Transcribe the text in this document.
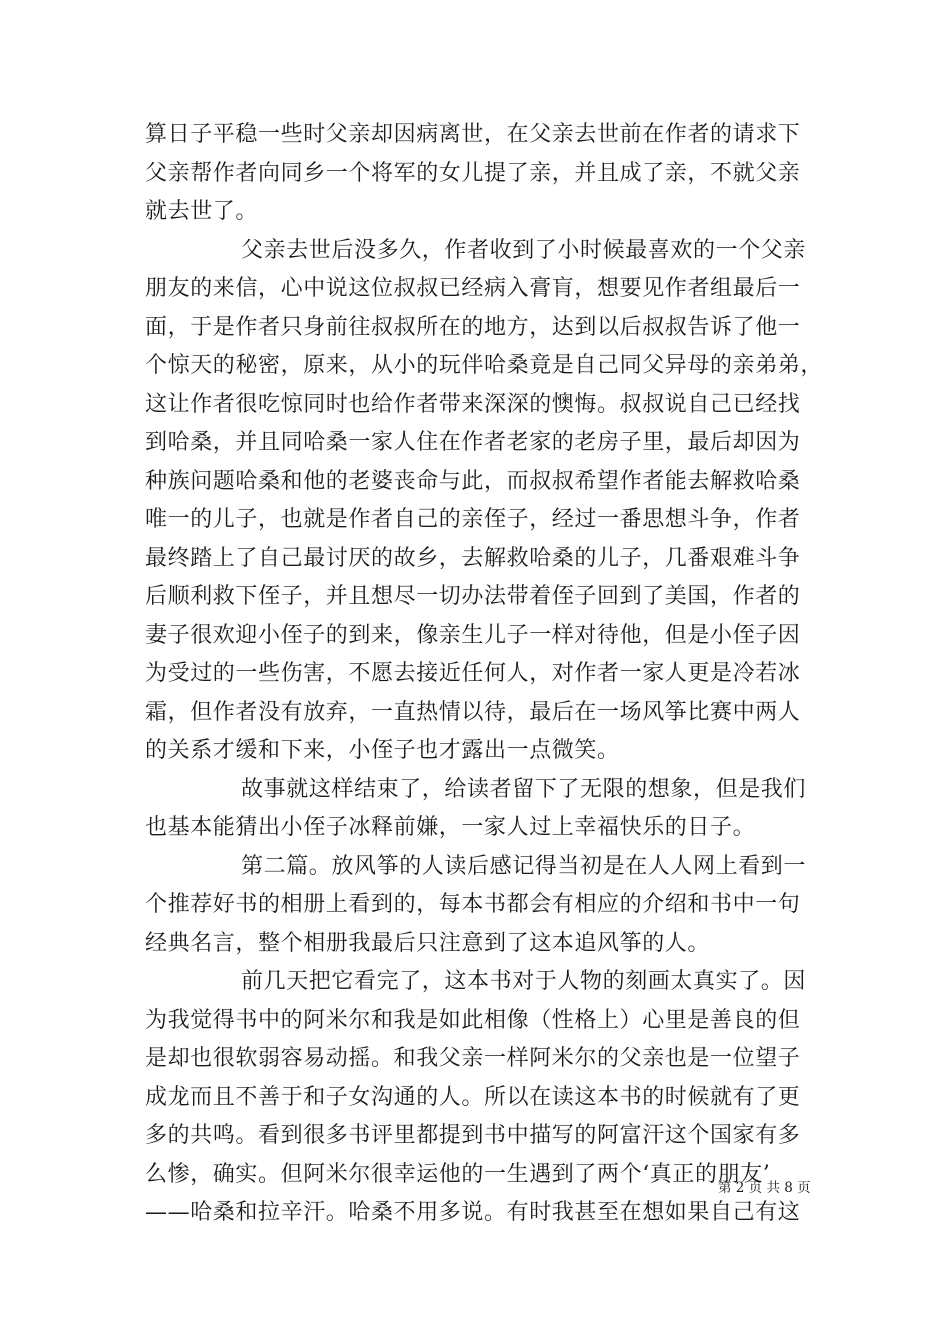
算日子平稳一些时父亲却因病离世，在父亲去世前在作者的请求下
父亲帮作者向同乡一个将军的女儿提了亲，并且成了亲，不就父亲
就去世了。
父亲去世后没多久，作者收到了小时候最喜欢的一个父亲
朋友的来信，心中说这位叔叔已经病入膏肓，想要见作者组最后一
面，于是作者只身前往叔叔所在的地方，达到以后叔叔告诉了他一
个惊天的秘密，原来，从小的玩伴哈桑竟是自己同父异母的亲弟弟，
这让作者很吃惊同时也给作者带来深深的懊悔。叔叔说自己已经找
到哈桑，并且同哈桑一家人住在作者老家的老房子里，最后却因为
种族问题哈桑和他的老婆丧命与此，而叔叔希望作者能去解救哈桑
唯一的儿子，也就是作者自己的亲侄子，经过一番思想斗争，作者
最终踏上了自己最讨厌的故乡，去解救哈桑的儿子，几番艰难斗争
后顺利救下侄子，并且想尽一切办法带着侄子回到了美国，作者的
妻子很欢迎小侄子的到来，像亲生儿子一样对待他，但是小侄子因
为受过的一些伤害，不愿去接近任何人，对作者一家人更是冷若冰
霜，但作者没有放弃，一直热情以待，最后在一场风筝比赛中两人
的关系才缓和下来，小侄子也才露出一点微笑。
故事就这样结束了，给读者留下了无限的想象，但是我们
也基本能猜出小侄子冰释前嫌，一家人过上幸福快乐的日子。
第二篇。放风筝的人读后感记得当初是在人人网上看到一
个推荐好书的相册上看到的，每本书都会有相应的介绍和书中一句
经典名言，整个相册我最后只注意到了这本追风筝的人。
前几天把它看完了，这本书对于人物的刻画太真实了。因
为我觉得书中的阿米尔和我是如此相像（性格上）心里是善良的但
是却也很软弱容易动摇。和我父亲一样阿米尔的父亲也是一位望子
成龙而且不善于和子女沟通的人。所以在读这本书的时候就有了更
多的共鸣。看到很多书评里都提到书中描写的阿富汗这个国家有多
么惨，确实。但阿米尔很幸运他的一生遇到了两个‘真正的朋友’
——哈桑和拉辛汗。哈桑不用多说。有时我甚至在想如果自己有这
第 2 页 共 8 页
